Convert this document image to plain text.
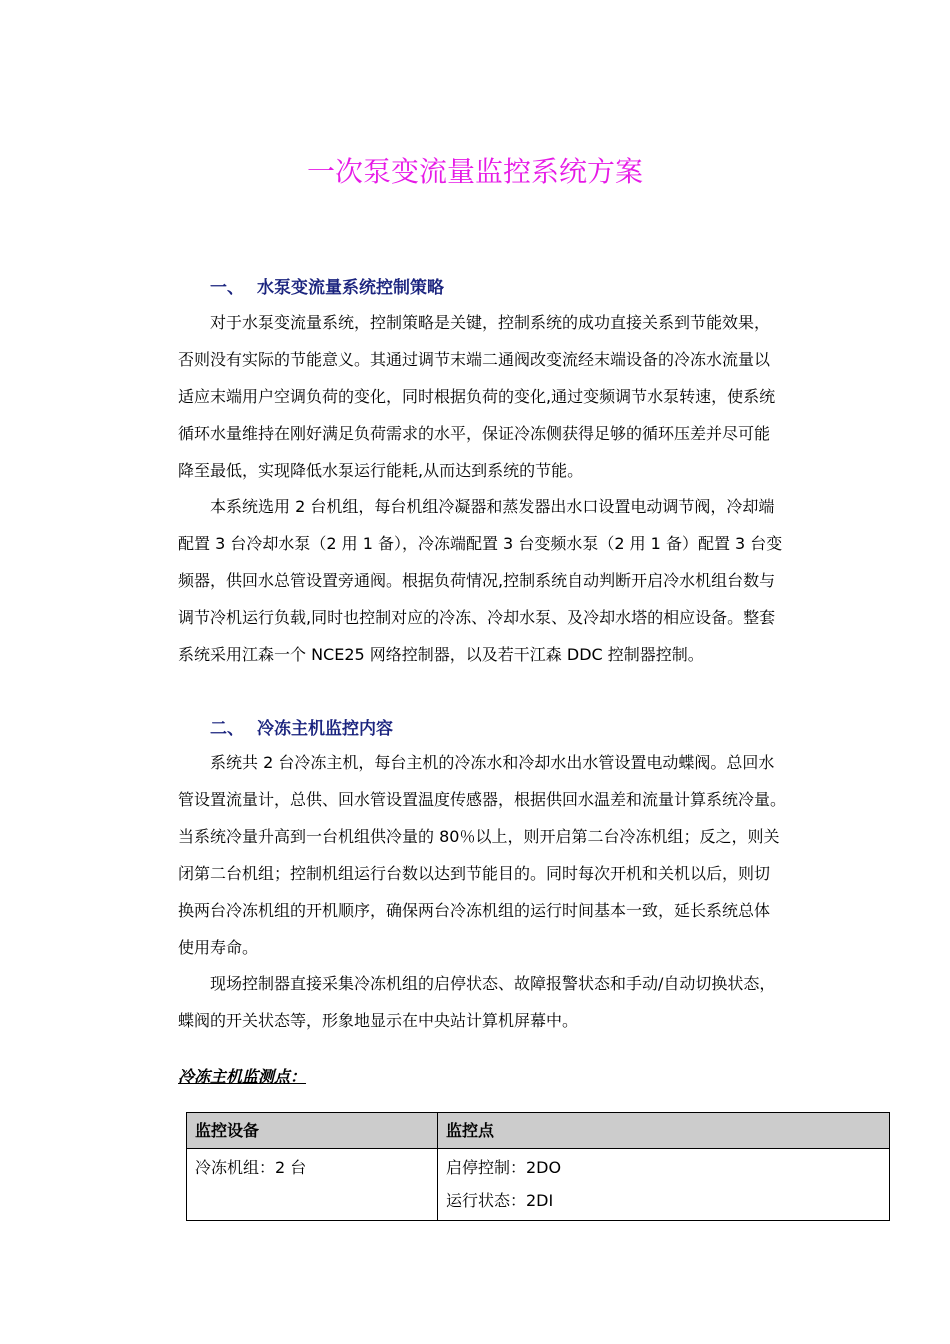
一次泵变流量监控系统方案
一、 水泵变流量系统控制策略
对于水泵变流量系统，控制策略是关键，控制系统的成功直接关系到节能效果，
否则没有实际的节能意义。其通过调节末端二通阀改变流经末端设备的冷冻水流量以
适应末端用户空调负荷的变化，同时根据负荷的变化,通过变频调节水泵转速，使系统
循环水量维持在刚好满足负荷需求的水平，保证冷冻侧获得足够的循环压差并尽可能
降至最低，实现降低水泵运行能耗,从而达到系统的节能。
本系统选用 2 台机组，每台机组冷凝器和蒸发器出水口设置电动调节阀，冷却端
配置 3 台冷却水泵（2 用 1 备），冷冻端配置 3 台变频水泵（2 用 1 备）配置 3 台变
频器，供回水总管设置旁通阀。根据负荷情况,控制系统自动判断开启冷水机组台数与
调节冷机运行负载,同时也控制对应的冷冻、冷却水泵、及冷却水塔的相应设备。整套
系统采用江森一个 NCE25 网络控制器，以及若干江森 DDC 控制器控制。
二、 冷冻主机监控内容
系统共 2 台冷冻主机，每台主机的冷冻水和冷却水出水管设置电动蝶阀。总回水
管设置流量计，总供、回水管设置温度传感器，根据供回水温差和流量计算系统冷量。
当系统冷量升高到一台机组供冷量的 80％以上，则开启第二台冷冻机组；反之，则关
闭第二台机组；控制机组运行台数以达到节能目的。同时每次开机和关机以后，则切
换两台冷冻机组的开机顺序，确保两台冷冻机组的运行时间基本一致，延长系统总体
使用寿命。
现场控制器直接采集冷冻机组的启停状态、故障报警状态和手动/自动切换状态，
蝶阀的开关状态等，形象地显示在中央站计算机屏幕中。
冷冻主机监测点：
监控设备	监控点

冷冻机组：2 台	启停控制：2DO
运行状态：2DI
